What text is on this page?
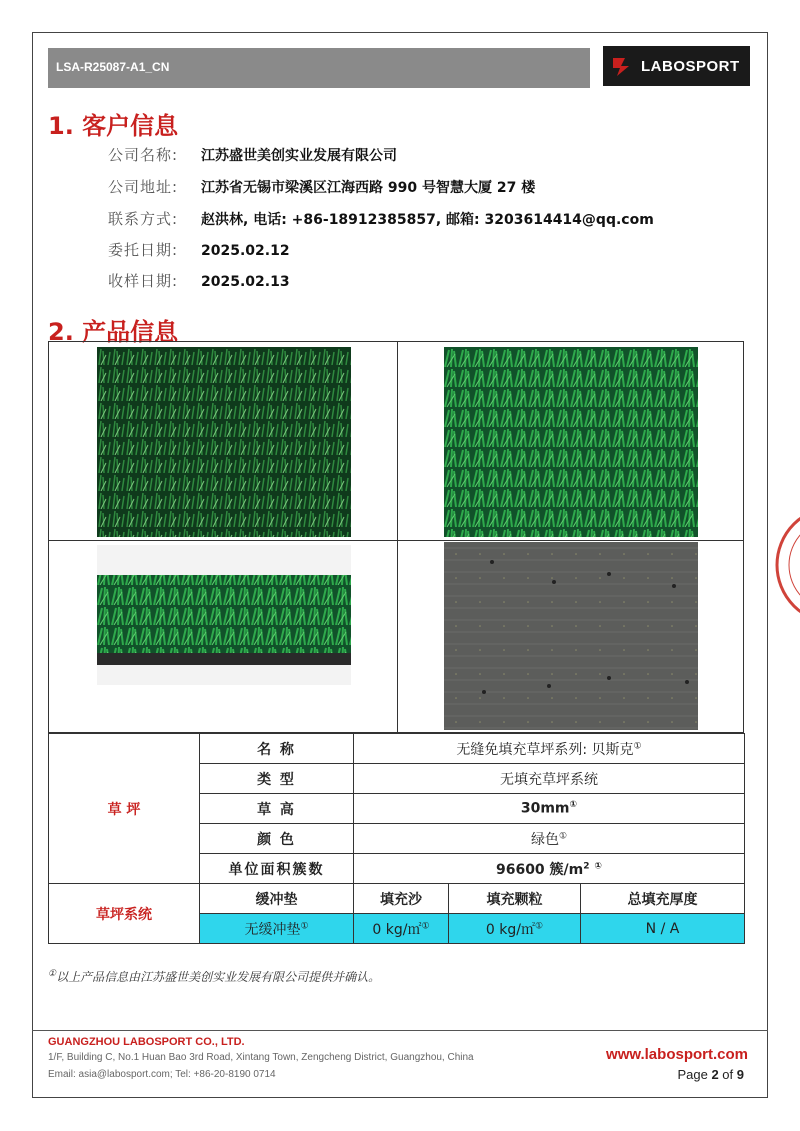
LSA-R25087-A1_CN	LABOSPORT
1. 客户信息
公司名称: 江苏盛世美创实业发展有限公司
公司地址: 江苏省无锡市梁溪区江海西路 990 号智慧大厦 27 楼
联系方式: 赵洪林, 电话: +86-18912385857, 邮箱: 3203614414@qq.com
委托日期: 2025.02.12
收样日期: 2025.02.13
2. 产品信息
草 坪	名 称	无缝免填充草坪系列: 贝斯克①
	类 型	无填充草坪系统		
	草 高	30mm①
	颜 色	绿色①
	单位面积簇数	96600 簇$/m^2$ ①
草坪系统	缓冲垫	填充沙	填充颗粒	总填充厚度
	无缓冲垫①	0 kg/㎡①	0 kg/㎡①	N / A
①以上产品信息由江苏盛世美创实业发展有限公司提供并确认。
GUANGZHOU LABOSPORT CO., LTD.
1/F, Building C, No.1 Huan Bao 3rd Road, Xintang Town, Zengcheng District, Guangzhou, China
Email: asia@labosport.com; Tel: +86-20-8190 0714
www.labosport.com
Page 2 of 9
